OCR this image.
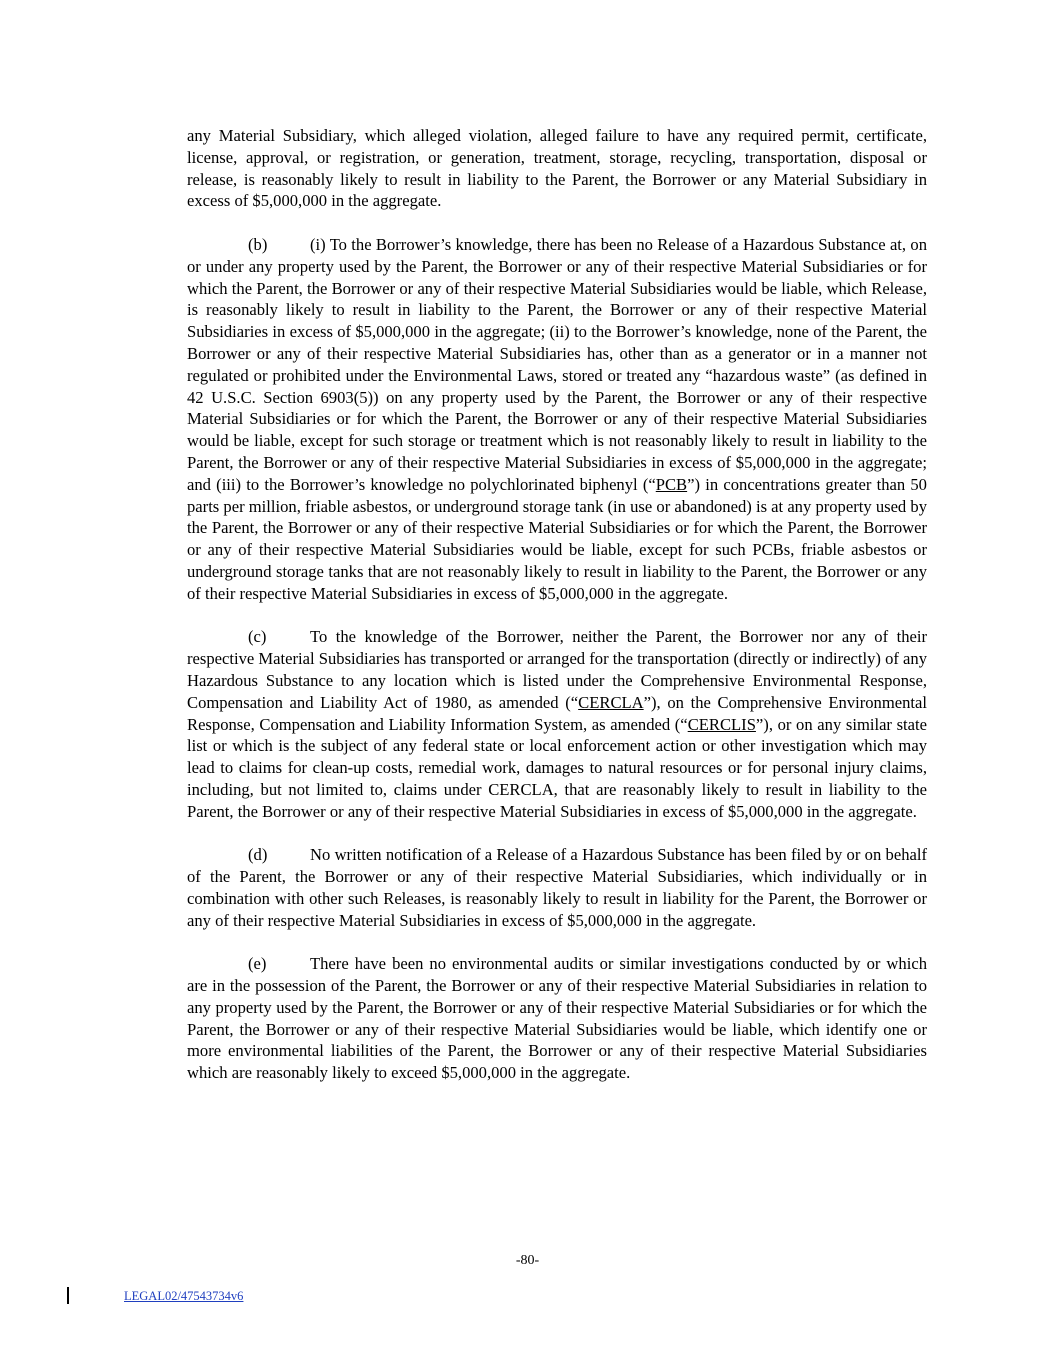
any Material Subsidiary, which alleged violation, alleged failure to have any required permit, certificate, license, approval, or registration, or generation, treatment, storage, recycling, transportation, disposal or release, is reasonably likely to result in liability to the Parent, the Borrower or any Material Subsidiary in excess of $5,000,000 in the aggregate.

(b)	(i) To the Borrower’s knowledge, there has been no Release of a Hazardous Substance at, on or under any property used by the Parent, the Borrower or any of their respective Material Subsidiaries or for which the Parent, the Borrower or any of their respective Material Subsidiaries would be liable, which Release, is reasonably likely to result in liability to the Parent, the Borrower or any of their respective Material Subsidiaries in excess of $5,000,000 in the aggregate; (ii) to the Borrower’s knowledge, none of the Parent, the Borrower or any of their respective Material Subsidiaries has, other than as a generator or in a manner not regulated or prohibited under the Environmental Laws, stored or treated any “hazardous waste” (as defined in 42 U.S.C. Section 6903(5)) on any property used by the Parent, the Borrower or any of their respective Material Subsidiaries or for which the Parent, the Borrower or any of their respective Material Subsidiaries would be liable, except for such storage or treatment which is not reasonably likely to result in liability to the Parent, the Borrower or any of their respective Material Subsidiaries in excess of $5,000,000 in the aggregate; and (iii) to the Borrower’s knowledge no polychlorinated biphenyl (“PCB”) in concentrations greater than 50 parts per million, friable asbestos, or underground storage tank (in use or abandoned) is at any property used by the Parent, the Borrower or any of their respective Material Subsidiaries or for which the Parent, the Borrower or any of their respective Material Subsidiaries would be liable, except for such PCBs, friable asbestos or underground storage tanks that are not reasonably likely to result in liability to the Parent, the Borrower or any of their respective Material Subsidiaries in excess of $5,000,000 in the aggregate.

(c)	To the knowledge of the Borrower, neither the Parent, the Borrower nor any of their respective Material Subsidiaries has transported or arranged for the transportation (directly or indirectly) of any Hazardous Substance to any location which is listed under the Comprehensive Environmental Response, Compensation and Liability Act of 1980, as amended (“CERCLA”), on the Comprehensive Environmental Response, Compensation and Liability Information System, as amended (“CERCLIS”), or on any similar state list or which is the subject of any federal state or local enforcement action or other investigation which may lead to claims for clean-up costs, remedial work, damages to natural resources or for personal injury claims, including, but not limited to, claims under CERCLA, that are reasonably likely to result in liability to the Parent, the Borrower or any of their respective Material Subsidiaries in excess of $5,000,000 in the aggregate.

(d)	No written notification of a Release of a Hazardous Substance has been filed by or on behalf of the Parent, the Borrower or any of their respective Material Subsidiaries, which individually or in combination with other such Releases, is reasonably likely to result in liability for the Parent, the Borrower or any of their respective Material Subsidiaries in excess of $5,000,000 in the aggregate.

(e)	There have been no environmental audits or similar investigations conducted by or which are in the possession of the Parent, the Borrower or any of their respective Material Subsidiaries in relation to any property used by the Parent, the Borrower or any of their respective Material Subsidiaries or for which the Parent, the Borrower or any of their respective Material Subsidiaries would be liable, which identify one or more environmental liabilities of the Parent, the Borrower or any of their respective Material Subsidiaries which are reasonably likely to exceed $5,000,000 in the aggregate.

-80-
LEGAL02/47543734v6
